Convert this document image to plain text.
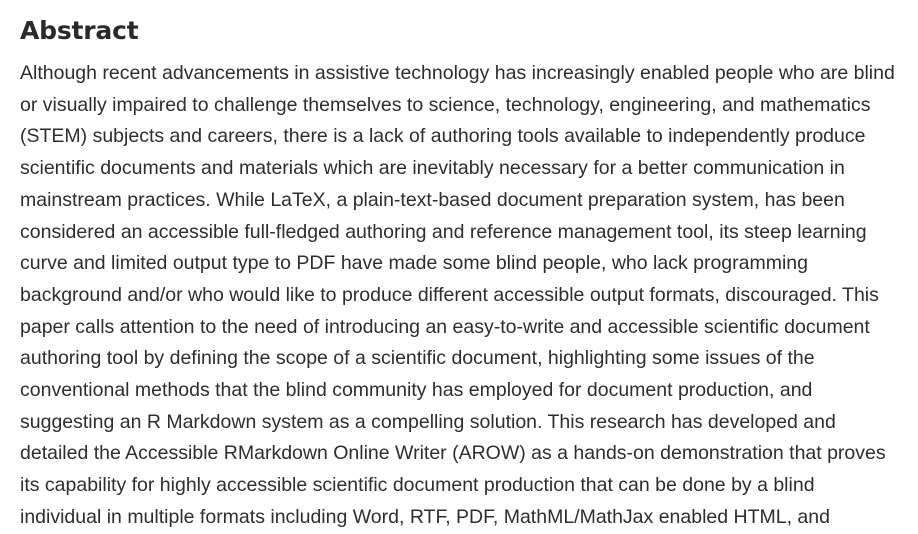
Abstract

Although recent advancements in assistive technology has increasingly enabled people who are blind
or visually impaired to challenge themselves to science, technology, engineering, and mathematics
(STEM) subjects and careers, there is a lack of authoring tools available to independently produce
scientific documents and materials which are inevitably necessary for a better communication in
mainstream practices. While LaTeX, a plain-text-based document preparation system, has been
considered an accessible full-fledged authoring and reference management tool, its steep learning
curve and limited output type to PDF have made some blind people, who lack programming
background and/or who would like to produce different accessible output formats, discouraged. This
paper calls attention to the need of introducing an easy-to-write and accessible scientific document
authoring tool by defining the scope of a scientific document, highlighting some issues of the
conventional methods that the blind community has employed for document production, and
suggesting an R Markdown system as a compelling solution. This research has developed and
detailed the Accessible RMarkdown Online Writer (AROW) as a hands-on demonstration that proves
its capability for highly accessible scientific document production that can be done by a blind
individual in multiple formats including Word, RTF, PDF, MathML/MathJax enabled HTML, and
